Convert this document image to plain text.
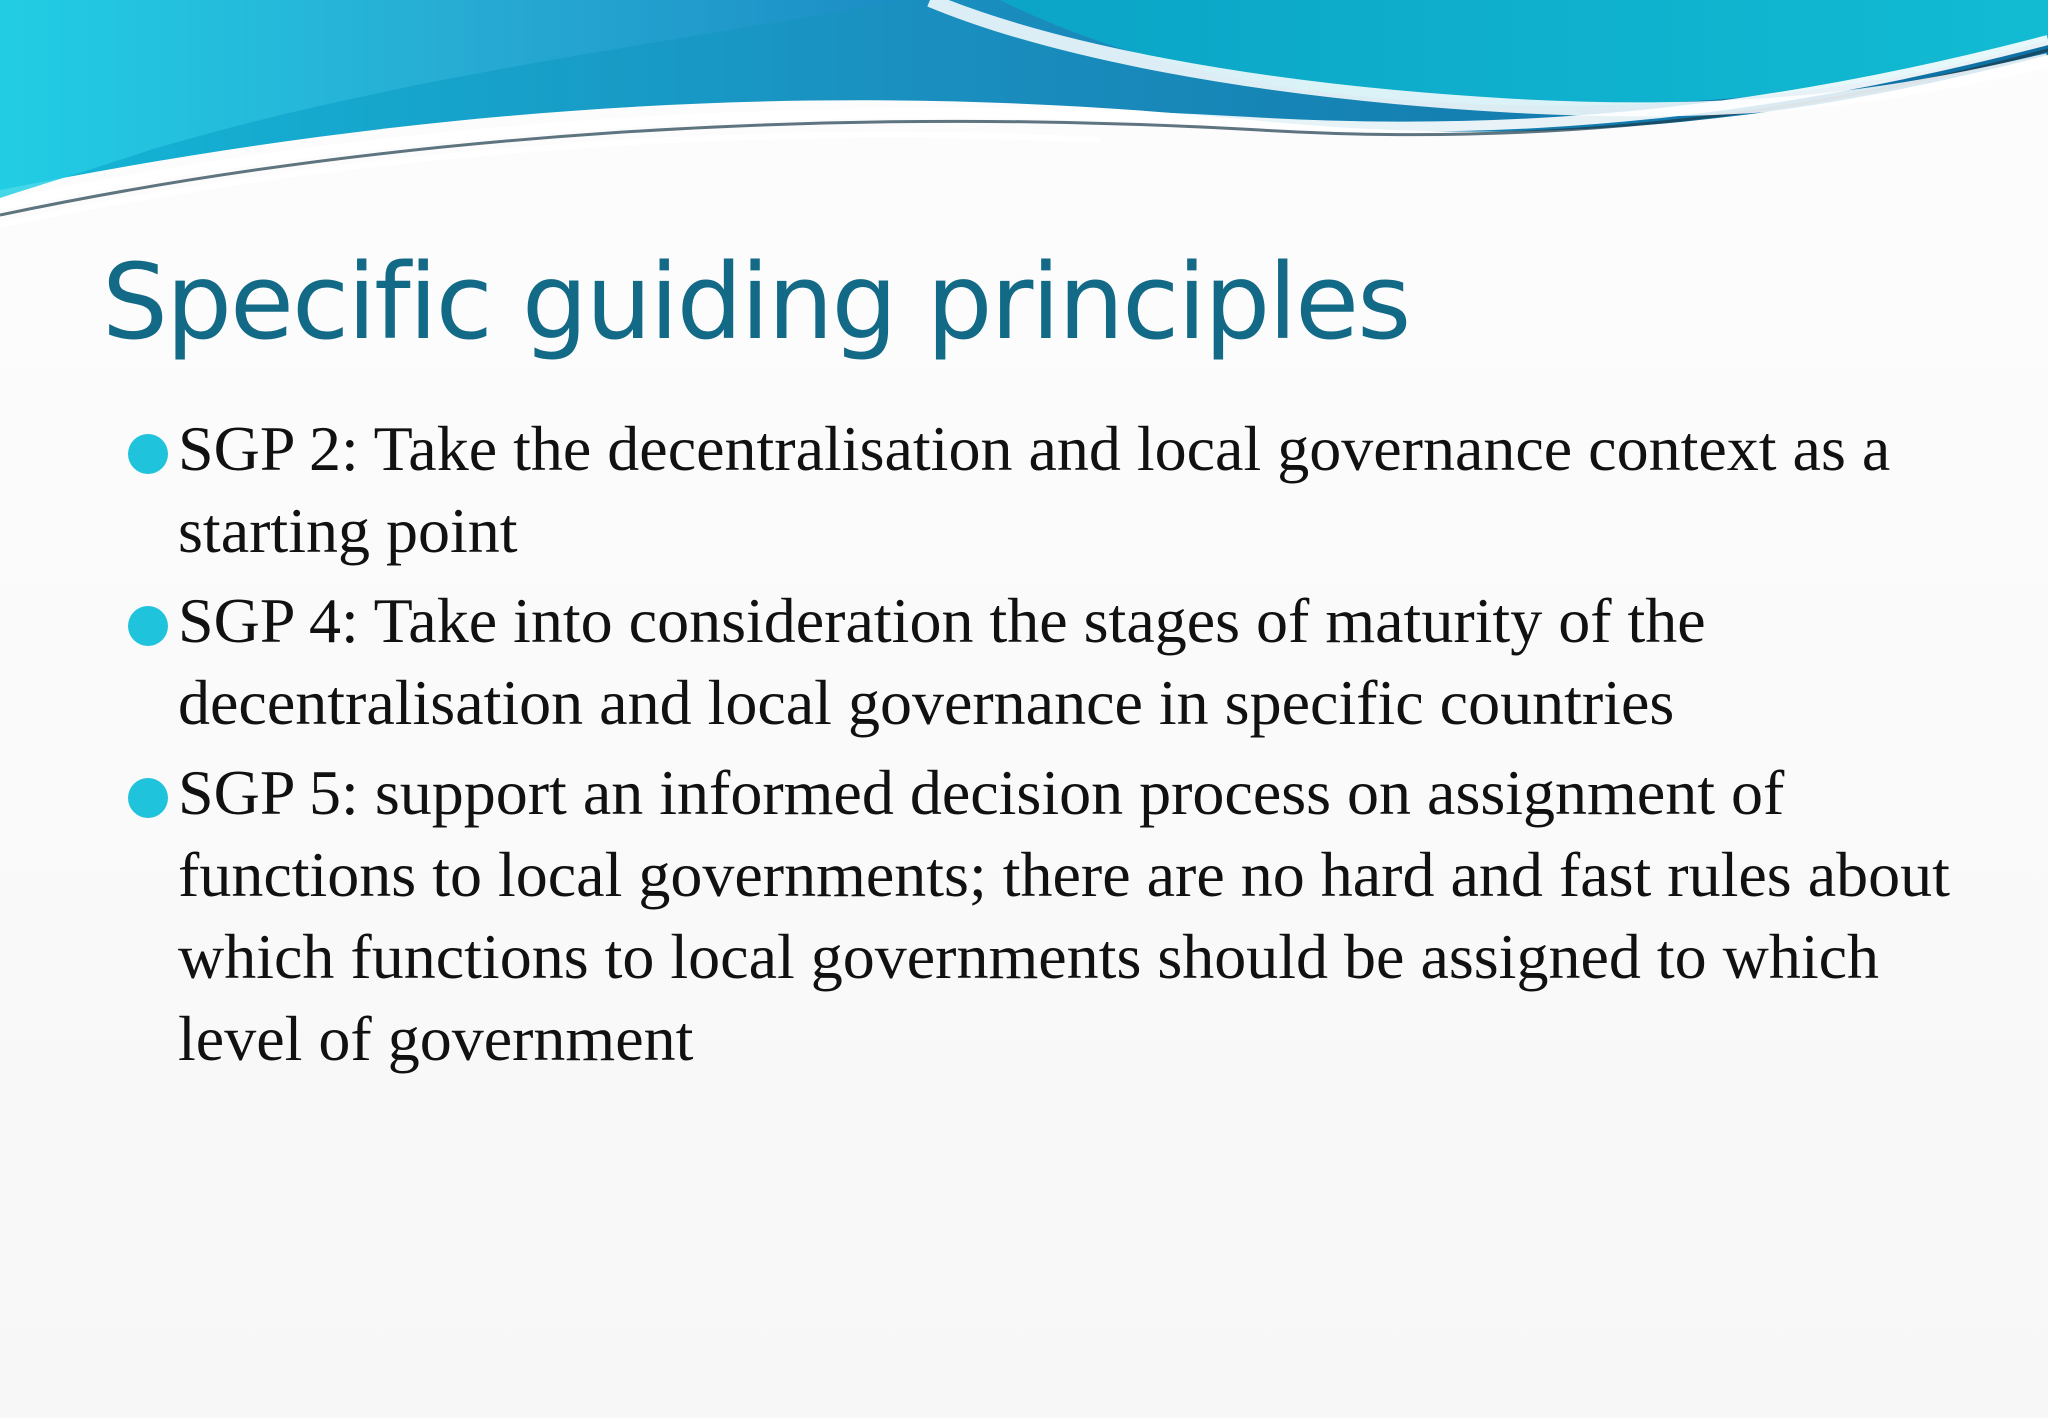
Specific guiding principles
SGP 2: Take the decentralisation and local governance context as a starting point
SGP 4: Take into consideration the stages of maturity of the decentralisation and local governance in specific countries
SGP 5: support an informed decision process on assignment of functions to local governments; there are no hard and fast rules about which functions to local governments should be assigned to which level of government
